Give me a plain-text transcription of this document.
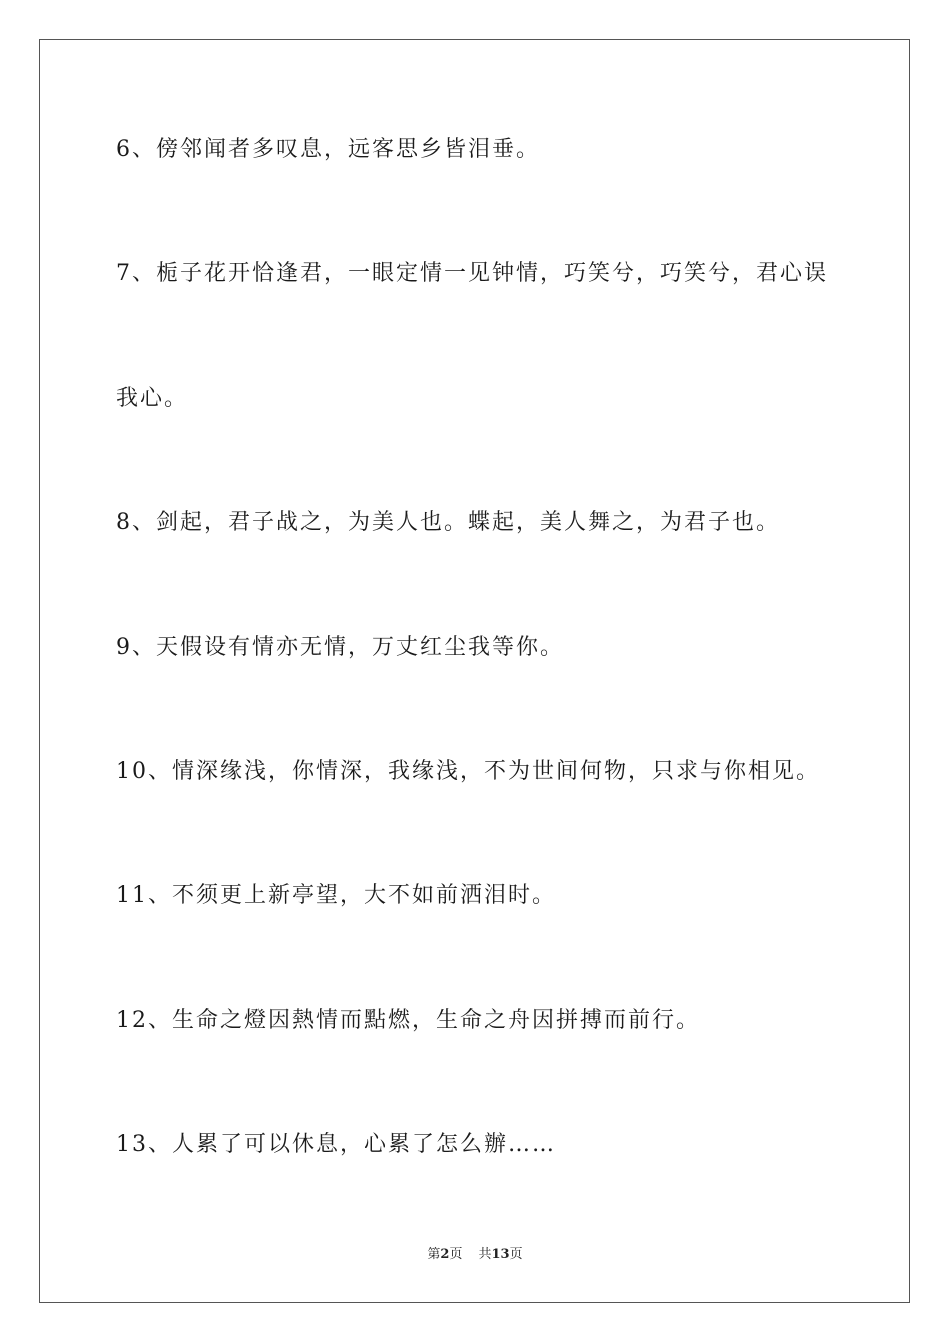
6、傍邻闻者多叹息，远客思乡皆泪垂。
7、栀子花开恰逢君，一眼定情一见钟情，巧笑兮，巧笑兮，君心误
我心。
8、剑起，君子战之，为美人也。蝶起，美人舞之，为君子也。
9、天假设有情亦无情，万丈红尘我等你。
10、情深缘浅，你情深，我缘浅，不为世间何物，只求与你相见。
11、不须更上新亭望，大不如前洒泪时。
12、生命之燈因熱情而點燃，生命之舟因拼搏而前行。
13、人累了可以休息，心累了怎么辦……
第2页 共13页
